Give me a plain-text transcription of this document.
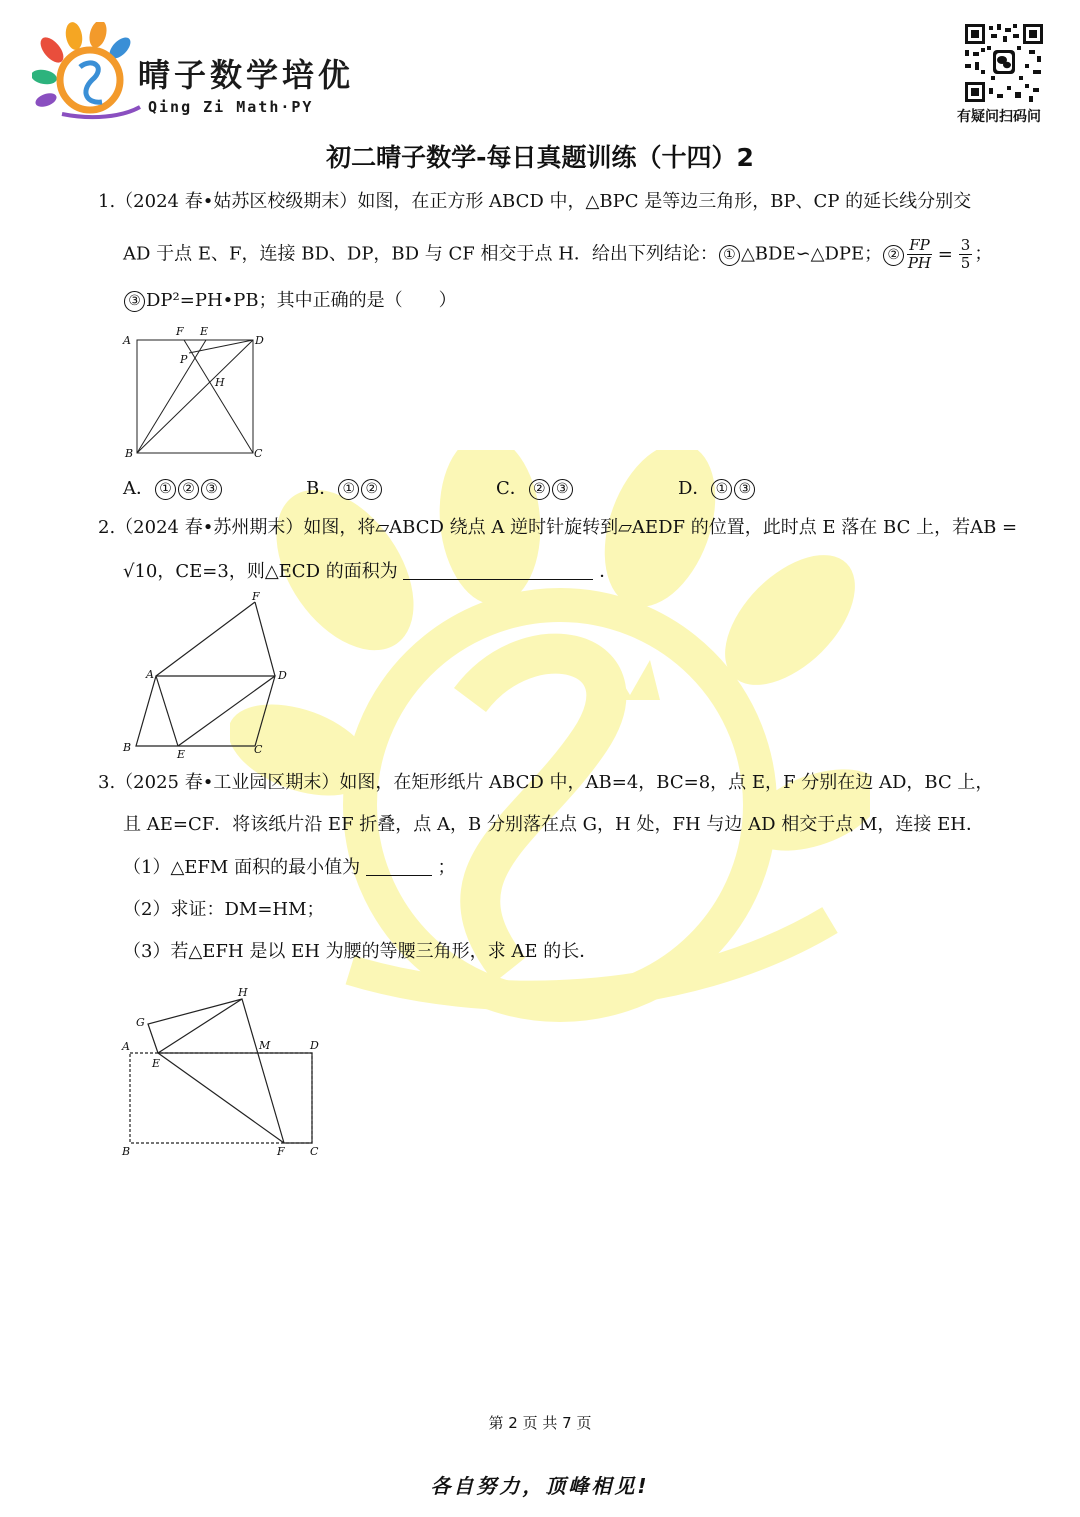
晴子数学培优
Qing Zi Math·PY
有疑问扫码问
初二晴子数学-每日真题训练（十四）2
1.（2024 春•姑苏区校级期末）如图，在正方形 ABCD 中，△BPC 是等边三角形，BP、CP 的延长线分别交
AD 于点 E、F，连接 BD、DP，BD 与 CF 相交于点 H．给出下列结论： ① △BDE∽△DPE； ② $\frac{FP}{PH} = \frac{3}{5}$ ；
③ DP²=PH•PB；其中正确的是（　　）
A
F E
D
P
H
B	C
A． ① ② ③	B． ① ②	C． ② ③	D． ① ③
2.（2024 春•苏州期末）如图，将▱ABCD 绕点 A 逆时针旋转到▱AEDF 的位置，此时点 E 落在 BC 上，若AB =
√10，CE=3，则△ECD 的面积为	．
F
A	D
B
E	C
3.（2025 春•工业园区期末）如图，在矩形纸片 ABCD 中，AB=4，BC=8，点 E，F 分别在边 AD，BC 上，
且 AE=CF．将该纸片沿 EF 折叠，点 A，B 分别落在点 G，H 处，FH 与边 AD 相交于点 M，连接 EH．
（1）△EFM 面积的最小值为	；
（2）求证：DM=HM；
（3）若△EFH 是以 EH 为腰的等腰三角形，求 AE 的长．
H
G
A	M	D
E
B	F C
第 2 页 共 7 页
各自努力，顶峰相见!
